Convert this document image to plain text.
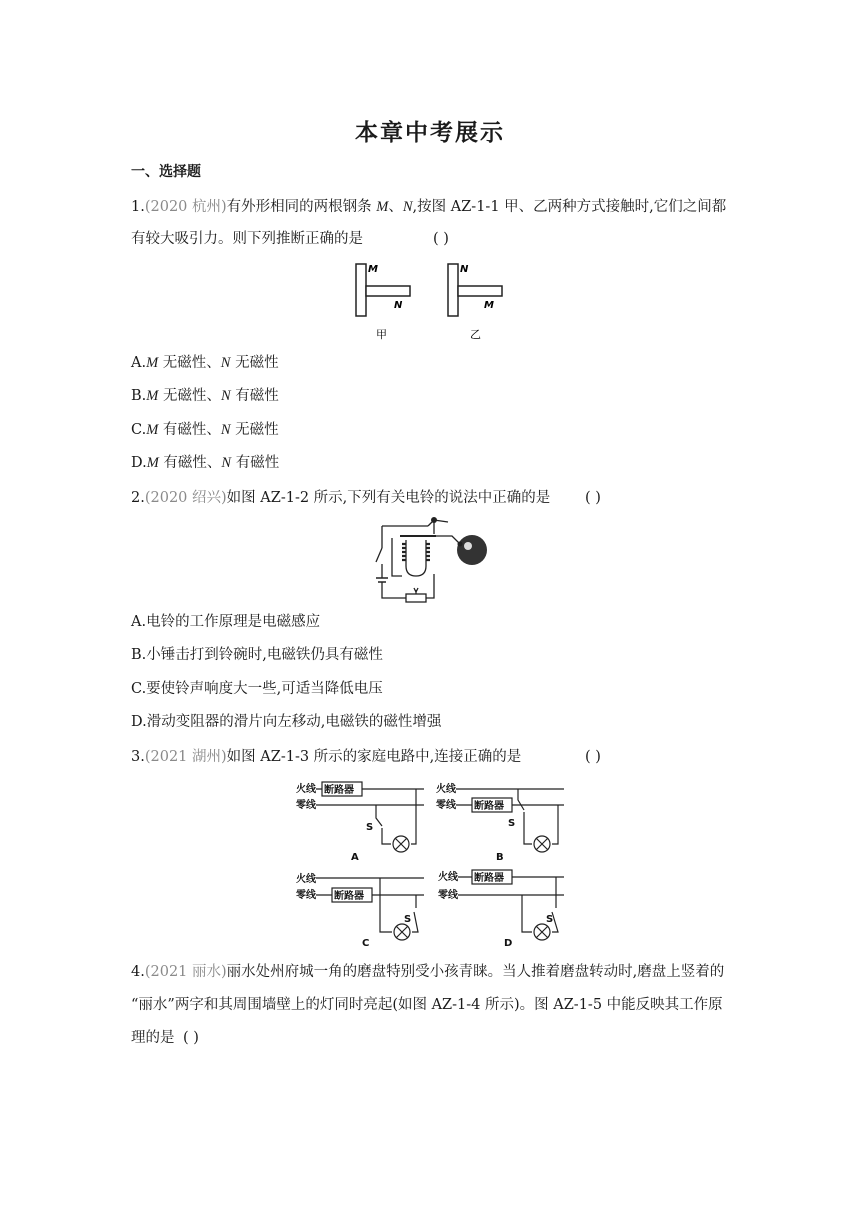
本章中考展示
一、选择题
1.(2020 杭州)有外形相同的两根钢条 M、N,按图 AZ-1-1 甲、乙两种方式接触时,它们之间都
有较大吸引力。则下列推断正确的是	( )
M
N
甲
N
M
乙
A.M 无磁性、N 无磁性
B.M 无磁性、N 有磁性
C.M 有磁性、N 无磁性
D.M 有磁性、N 有磁性
2.(2020 绍兴)如图 AZ-1-2 所示,下列有关电铃的说法中正确的是 ( )
A.电铃的工作原理是电磁感应
B.小锤击打到铃碗时,电磁铁仍具有磁性
C.要使铃声响度大一些,可适当降低电压
D.滑动变阻器的滑片向左移动,电磁铁的磁性增强
3.(2021 湖州)如图 AZ-1-3 所示的家庭电路中,连接正确的是	( )
火线
零线
断路器
S
A
火线
零线 断路器
S
B
火线
零线 断路器
S
C
火线
零线
断路器
S
D
4.(2021 丽水)丽水处州府城一角的磨盘特别受小孩青睐。当人推着磨盘转动时,磨盘上竖着的
“丽水”两字和其周围墙壁上的灯同时亮起(如图 AZ-1-4 所示)。图 AZ-1-5 中能反映其工作原
理的是 ( )
